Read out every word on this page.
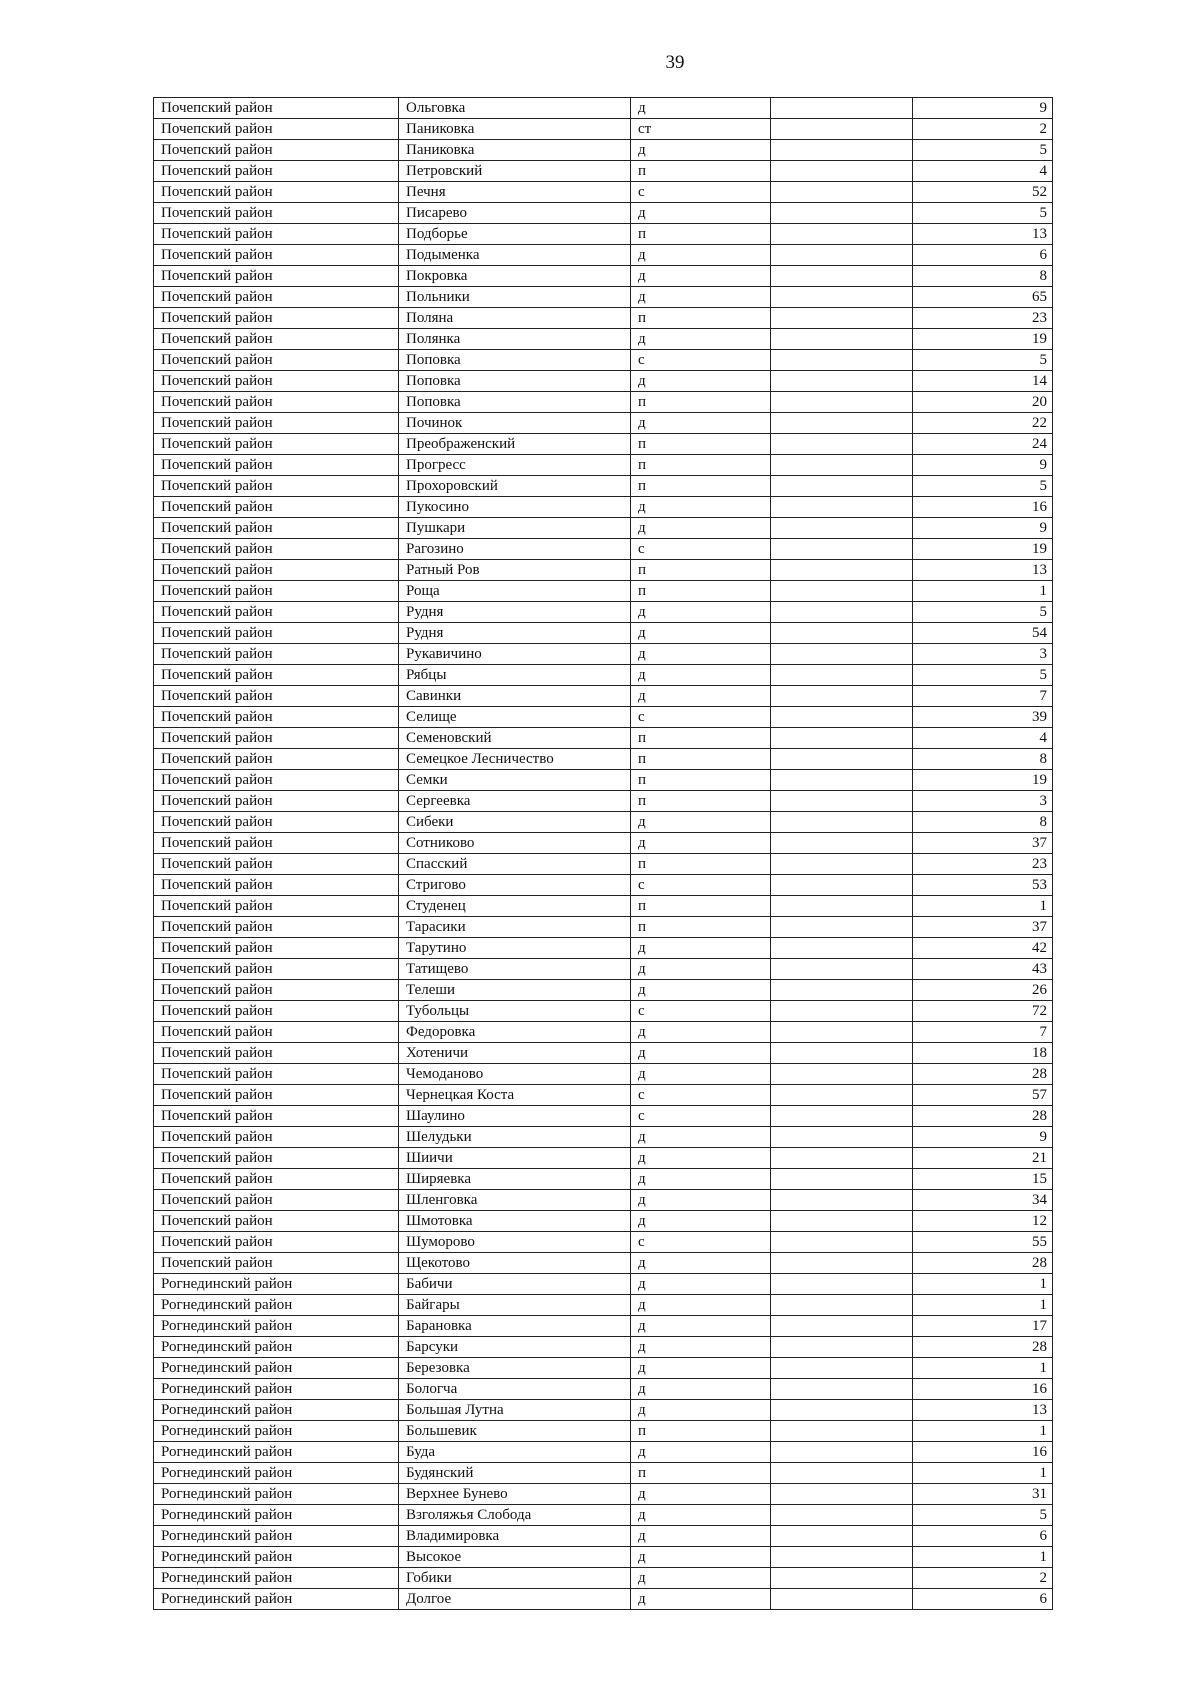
39
Почепский район	Ольговка	д		9	
Почепский район	Паниковка	ст		2	
Почепский район	Паниковка	д		5	
Почепский район	Петровский	п		4	
Почепский район	Печня	с		52	
Почепский район	Писарево	д		5	
Почепский район	Подборье	п		13	
Почепский район	Подыменка	д		6	
Почепский район	Покровка	д		8	
Почепский район	Польники	д		65	
Почепский район	Поляна	п		23	
Почепский район	Полянка	д		19	
Почепский район	Поповка	с		5	
Почепский район	Поповка	д		14	
Почепский район	Поповка	п		20	
Почепский район	Починок	д		22	
Почепский район	Преображенский	п		24	
Почепский район	Прогресс	п		9	
Почепский район	Прохоровский	п		5	
Почепский район	Пукосино	д		16	
Почепский район	Пушкари	д		9	
Почепский район	Рагозино	с		19	
Почепский район	Ратный Ров	п		13	
Почепский район	Роща	п		1	
Почепский район	Рудня	д		5	
Почепский район	Рудня	д		54	
Почепский район	Рукавичино	д		3	
Почепский район	Рябцы	д		5	
Почепский район	Савинки	д		7	
Почепский район	Селище	с		39	
Почепский район	Семеновский	п		4	
Почепский район	Семецкое Лесничество	п		8	
Почепский район	Семки	п		19	
Почепский район	Сергеевка	п		3	
Почепский район	Сибеки	д		8	
Почепский район	Сотниково	д		37	
Почепский район	Спасский	п		23	
Почепский район	Стригово	с		53	
Почепский район	Студенец	п		1	
Почепский район	Тарасики	п		37	
Почепский район	Тарутино	д		42	
Почепский район	Татищево	д		43	
Почепский район	Телеши	д		26	
Почепский район	Тубольцы	с		72	
Почепский район	Федоровка	д		7	
Почепский район	Хотеничи	д		18	
Почепский район	Чемоданово	д		28	
Почепский район	Чернецкая Коста	с		57	
Почепский район	Шаулино	с		28	
Почепский район	Шелудьки	д		9	
Почепский район	Шиичи	д		21	
Почепский район	Ширяевка	д		15	
Почепский район	Шленговка	д		34	
Почепский район	Шмотовка	д		12	
Почепский район	Шуморово	с		55	
Почепский район	Щекотово	д		28	
Рогнединский район	Бабичи	д		1	
Рогнединский район	Байгары	д		1	
Рогнединский район	Барановка	д		17	
Рогнединский район	Барсуки	д		28	
Рогнединский район	Березовка	д		1	
Рогнединский район	Бологча	д		16	
Рогнединский район	Большая Лутна	д		13	
Рогнединский район	Большевик	п		1	
Рогнединский район	Буда	д		16	
Рогнединский район	Будянский	п		1	
Рогнединский район	Верхнее Бунево	д		31	
Рогнединский район	Взголяжья Слобода	д		5	
Рогнединский район	Владимировка	д		6	
Рогнединский район	Высокое	д		1	
Рогнединский район	Гобики	д		2	
Рогнединский район	Долгое	д		6	
